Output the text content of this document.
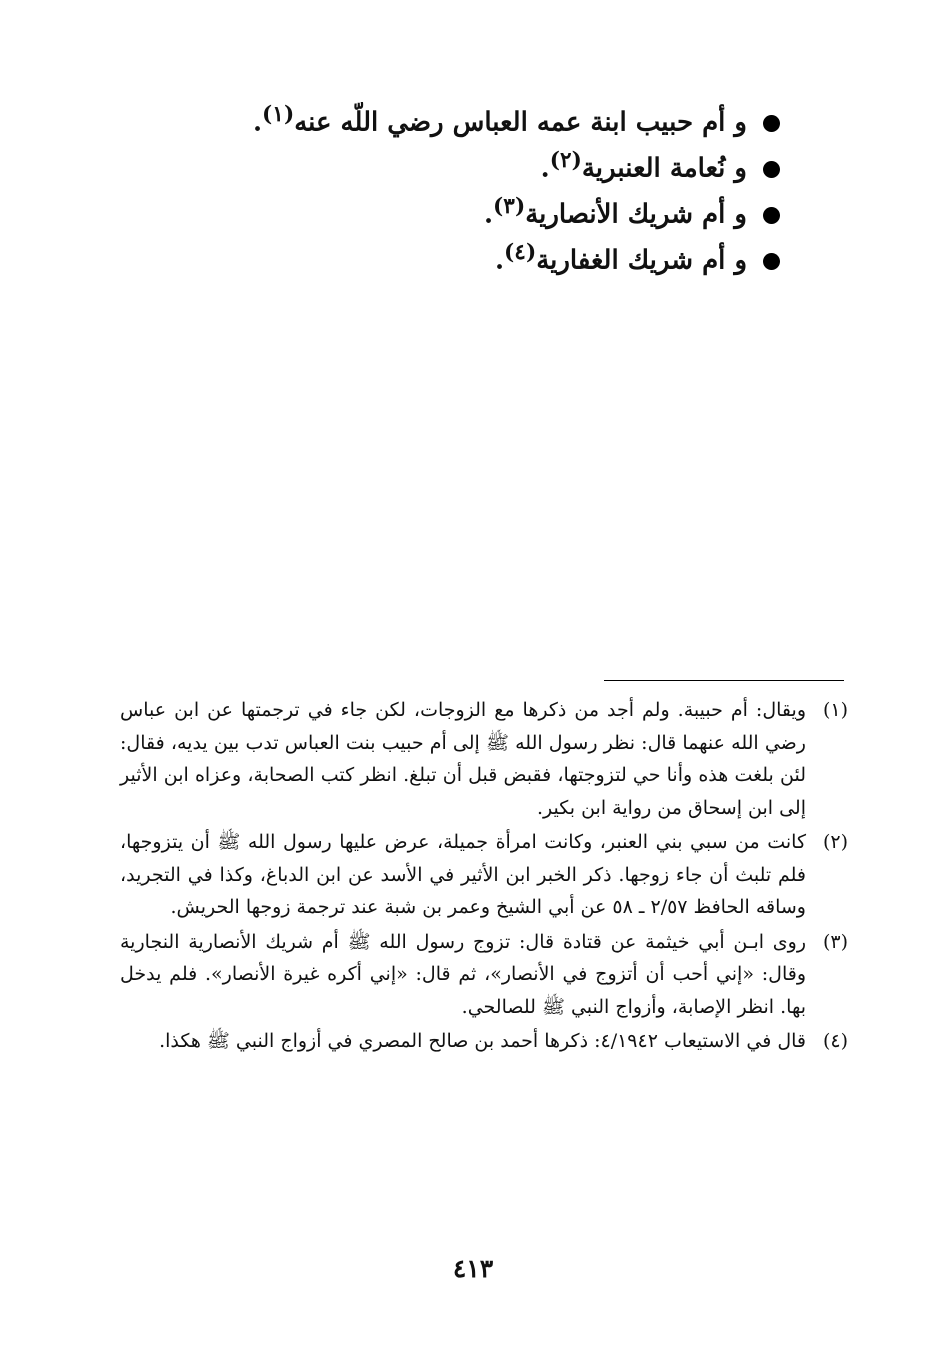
و أم حبيب ابنة عمه العباس رضي اللّه عنه$^{(١)}$.
و نُعامة العنبرية$^{(٢)}$.
و أم شريك الأنصارية$^{(٣)}$.
و أم شريك الغفارية$^{(٤)}$.

(١)
ويقال: أم حبيبة. ولم أجد من ذكرها مع الزوجات، لكن جاء في ترجمتها عن ابن عباس رضي الله عنهما قال: نظر رسول الله ﷺ إلى أم حبيب بنت العباس تدب بين يديه، فقال: لئن بلغت هذه وأنا حي لتزوجتها، فقبض قبل أن تبلغ. انظر كتب الصحابة، وعزاه ابن الأثير إلى ابن إسحاق من رواية ابن بكير.

(٢)
كانت من سبي بني العنبر، وكانت امرأة جميلة، عرض عليها رسول الله ﷺ أن يتزوجها، فلم تلبث أن جاء زوجها. ذكر الخبر ابن الأثير في الأسد عن ابن الدباغ، وكذا في التجريد، وساقه الحافظ ٢/٥٧ ـ ٥٨ عن أبي الشيخ وعمر بن شبة عند ترجمة زوجها الحريش.

(٣)
روى ابـن أبي خيثمة عن قتادة قال: تزوج رسول الله ﷺ أم شريك الأنصارية النجارية وقال: «إني أحب أن أتزوج في الأنصار»، ثم قال: «إني أكره غيرة الأنصار». فلم يدخل بها. انظر الإصابة، وأزواج النبي ﷺ للصالحي.

(٤)
قال في الاستيعاب ٤/١٩٤٢: ذكرها أحمد بن صالح المصري في أزواج النبي ﷺ هكذا.

٤١٣
